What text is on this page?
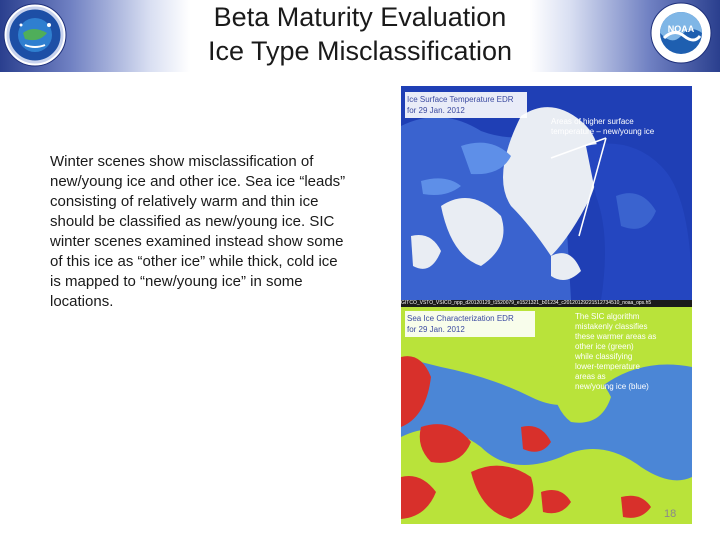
NOAA
Beta Maturity Evaluation
Ice Type Misclassification
Winter scenes show misclassification of new/young ice and other ice. Sea ice “leads” consisting of relatively warm and thin ice should be classified as new/young ice. SIC winter scenes examined instead show some of this ice as “other ice” while thick, cold ice is mapped to “new/young ice” in some locations.
Ice Surface Temperature EDR
for 29 Jan. 2012
Areas of higher surface
temperature – new/young ice
GITCO_VSTO_VSICO_npp_d20120129_t1520079_e1521321_b01234_c20120129221512734510_noaa_ops.h5
Sea Ice Characterization EDR
for 29 Jan. 2012
The SIC algorithm
mistakenly classifies
these warmer areas as
other ice (green)
while classifying
lower-temperature
areas as
new/young ice (blue)
18
